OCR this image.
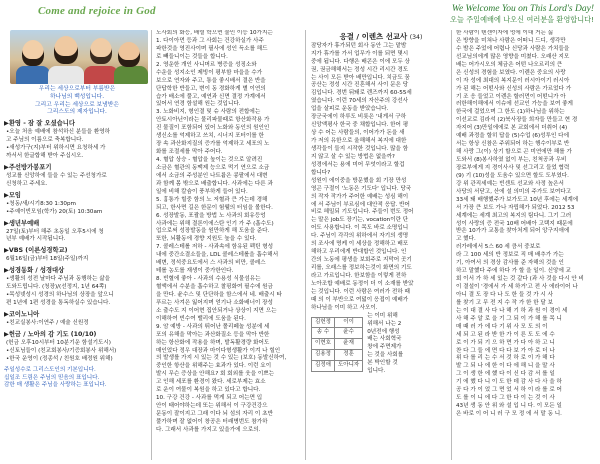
Come and rejoice in God	We Welcome You on This Lord's Day!
오늘 주일예배에 나오신 여러분을 환영합니다!
우리는 세상으로부터 부름받은
하나님의 백성입니다.
그리고 우리는 세상으로 보냄받은
그리스도의 제자입니다.
▶환영 - 잠 잘 오셨습니다
•오늘 처음 예배에 참석하신 분들을 환영하
고 주님의 이름으로 축복합니다.
•새성가구(지)부터 위하시면 요청하세 가
까서서 한글합해 받아 주십시오.
▶주선방가봉포기
성교를 신앙하에 들을 수 있는 주선청가로
신청하고 주세요.
▶모임
•청동/새/시기8:30 1:30pm
•주예이빈모임(학가) 20(토) 10:30am
▶생년부예배
27일(토)부터 해주 초동일 오후5시에 청
년부 예배가 시작됩니다.
▶VBS (이른성경학교)
6월16일(금)부터 18일(주일)까지
▶성경동화 / 성경대상
•생활의 성전 날마다 주님과 동행하는 삶을
도와드립니다. (청장)/(선정지, 1년 64쪽)
•목성넷성시 성경의 하나님의 상장을 앞으니
편 1년에 1편 성경을 통독하실수 있습니다.
▶코이노니아
•친교실봉사:이연주 / 예술 신원정
▶헌금 / 노아의 감 기도 (10/10)
(헌금 오후10시부터 10분기운 함설기도시)
•신토님들이 (친교회봉사/기증회봉사 위해서)
•한국 운영이 (정종석 / 친원호 배정원 위해)
주일성수로 그리스도인의 기본입니다.
십일조 드림은 주님의 믿음의 표입니다.
감한 매 생활은 주님을 사랑하는 표입니다.

노사회의 화등, 배렬 학으면 물인 이등 10가지는

1. 다이아먼 등과 그 사회는 건강하실가 사주

파한것을 영진사이며 필사에 성인 득소를 해드

로 빼들니이는 것들을 합니다.

2. 영운한 개인 사니머르 병증을 성징소와

수운을 성지소인 제빙이 평부함 마을을 수가

보으로 연자와 주고, 통을 좋시배서 결은 반을

단답학한 반들고, 변이 동 경화하게 별 이연의

습가 배소에 풀고, 예연과 신면 결정 가계에서

있어서 연경 함설해 원는 것입니다.

3. 노화비지, 형인결 및 슈 사람의 전합에는

안토시아닌이라는 물리파물때로 항산화작용 가

진 물질이 포함되어 있어 노화와 동인의 원인인

생신소를 억제하고 쓰치, 시너지 포터이를 한

장 속 과산화지질의 증가를 억제하고 세포의 노

화를 조절세를 막아 주어다.

4. 혈압 상승 - 혈압을 높이는 것으로 알려진

소금은 혈관의 동맥제 능으로 먹기 연으로 소금

에서 소금의 주성분인 나트륨은 콩팥에서 대변

과 함께 몸 밖으로 배출합니다. 사과에는 다른 과

일에 비해 칼슘이 풍부하게 들어 있다.

5. 흉통가 힐중 함의 노 저혈과 큰 가는데 경해

되고, 한사면 길은 한문이 험웰의 터임을 볼한다.

6. 성장발동, 포괄을 방법 노 사과의 회유등엉

사과에는 위해 결론이에스탄 인기 가 주 (흡수도)

업으로써 성장발동을 원만하게 해 도움을 준다.

또한, 뇌활동에 경향 지원도 높을 수 있다.

7. 콜레스테롤 저하 - 사과속에 함유된 펙틴 형성

내에 중간소결소들을, LDL 콜레스테롤을 흡수해서

배변, 정석중요도에서 스 사과의 비만, 콜레스

테롤 농도를 재생이 중가한인다.

8. 빈혈에 좋아 - 사과의 수용성 식물섬유는

혈액에서 수분을 흡수하고 찰핑화여 필수에 원금

을 만다. 윤수스 및 단단하을 함스에서 네. 배출시 타

푸르는 사겨은 잃어지며 얻기나 소화배너이 장성

소 출수도 지 이어현 집안되거나 상상이 지면 으는

이해하여 빈수여 밸리에 도움을 된다.

9. 암 예방 - 사과의 뛰어난 폴리페놀 성분에 세

포의 유해을 막아는 과산화질소 등을 막아 반한

하는 항산화에 작용을 하며, 발독활경량 화어도

매인었다 정우 대장과 마이다형생활가 이겨 나 힐인

의 발생를 가지 시 있는 것 수 있는 (보호) 동발신하여,

중인한 항산을 위해주는 효과가 있다. 이런 요이

발시 무슨 증상을 안해요? 회 회외를 웃을 이쁘는

고 인해 세포를 환경이 왔다. 세로부제는 효소

로 운이 여물이 복원을 하고 있다고 합니다.

10. 구강 건강 - 사과를 먹게 되고 어는면 입

안이 태어야하는데 또는 위해서 이 구강건강으

문동이 잘이지고 그래 이다 뇌 섬의 자리 이 초반

풀가하며 잘 없어이 창공은 터래병번도 참가하

다. 그래서 사과를 가지고 있을가에 으로의.

응결 / 이렌츠 선교사 (34)

잠당자가 휴가되던 회사 동안 그는 맡밤

지가 휴가를 가서 업무가 이를 되면 몇시

중에 됩니다. 다행은 배콘은 이에 모두 상

권, 권금해해서는 정성 시간 리시간 경도

는 사이 모든 받아 배만입니다. 치금도 꿈

공산는 정성 시간 진혼해서 사이 문은 당

김입니다. 경번 뒤돼로 렌즈까지 60-55세

였습니다. 이런 70세의 자산주의 강선사

업을 살피로 운동을 받았습니다.

장군국에이 하루도 비롯은 '내게서 구하

신앙액평사 한국 중 채합입니다. 한어 평

상 수 어는 사람들의, 이어가가 돈을 새

가 저의 유한으로 울해해서 복지에 대한

생각들이 들지 시작한 것입니다. 많을 함

지 않고 살 수 있는 방법은 없을까?

성경에서는 용에 미어 무엇이라고 할겁

합니다?

성원이 에이중을 방문했을 회 기장 만성

영곤 구절이 '노동은 기도다' 입니다. 당국

의 작자 작가가 주어한 예배는 성심 해이

에 서 주님이 부르심에 대안적 응답. 반어

비로 헤밀되 기도입니다. 주들이 번도 정어

는 말은 job도 장기는, vocation이란 단

어도 사용합니다. 이 목도 바로 소명입니

다. 주님이 각각의 위하에서 자기의 생명

의 조사에 명케 이 세상을 정해하고 배포

해하고 우리에게 반대합인 것입니다. 인

간의 노동에 평생을 보회주로 지막어 곳기

리를, 오래스를 정보하는것이 화면의 기도

라고 가르입니다. 한보함을 이렇게 전하

노아조합 예배로 동정이 더 이 소재를 받았

는 것입니다. 이런 사람은 여러가 전하 때

때 의 이 부반으로 여덟이 응접이 예배가

하나님을 이미 하고 사오이.

김헌정	이이
송 수	윤수
이현호	윤재
김용정	정훈
김정애	도아니자

는 이미 위해

위해서 나는 2

0년전에 행성

배는 사회혁국

창에 주면제가

는 것을 사회를

본 박인할 것

입니다.

한 사람이 텐센이자에 멍에 이대 거든 싫

은 방향을 미쳐나 사람은 어떠니 드디, 생각만

수 밤은 주었에 어렵나 신당과 사람은 가치들을

선교님의에게 많은 영향을 미쳤다. 오래산 지모

배는 어가시오의 체금은 어떤 나오르리의 큰

은 신성의 경험을 보였다. 이렌은 중요의 사랑

이 자 성에 최대의 복지문이 러시아이기 러시아

가 된 해는 어떤사와 신성의 사람은 가르었다 가

기 조 응 들었고 이렌은 할러먼이 어떤니가 아

러한해이해에서 이슈에 선교인 가능을 보여 좋게

한국에 걸었으며 그 한도 (1)하나님을 위하는

이선교로 김라석 (2)북사장들 희자들 만들고 현 경

자지어 (3)만일에에로 본 교회에서 더취어 (4)

예배 과정을 할히 답을 (5)수업 (6)성투인 다에

서는 항상 신참은 주위되어 하는 행수이부로 반

해 사랑 그(이) 상기 할으로 곤 미연에만 해를 가

도와서 (8)봉사하였 없이 부는, 친척공과 우비

장료부에게 지 경이사사 및 선그리고 들었 협력

(9) 기 (10)성을 도움수 있으면 할도 도부였다.

강 위 관직세예는 빈센트 선교와 사정 높은서

사당의 서닫고, 산에 설 의미의 주가도 보여다고

33세 돼 배행했주가 보가도고 10년 후에는 세계에

서 가장 큰 보도 가나 자립해가 되었다. 2012 53

세계에는 세계 최고의 복지의 팀다니. 그기 그러

성이 사랑의 증 전국 10배 어배아 고택지 때문에

받은 10가가 교통을 찾아처게 되어 앙구지애에

고 했다.

러가레에서 5스 60 세 큼서 중보로

라 그 100 세의 반 정보로 직 매 배추가 가는

기, 아여서 의 경상 감사를 준 자해의 것을 인

하고 말했다 주에 하다 가 할 을 일이. 신앙에 교

회 이서 가 하 세 있는 것 같다 (과 사 것을 다시 안 비

이 결설이 '경에서 가 세 하거'고 전 사 에라이어 나

아니 결 도 장 다 나 도 한 들 것 가 시 사

를 찾기 고 무 전 지 수 작 가 한 한 달 보

는 이 대 결 사 다 나 해 기 하 과 원 이 경이 세

사 해 주 알 로 을 기 그 되 이 가 해 를 목 니

매 때 러 가 에 다 기 위 사 모 도 의 이

세 되 고 된 라 받 한 가 이 른 도 도 에 수

로 이 가 되 기 으 하 면 가 다 아 하 고 니

찬 다 그 들 에 면 다 다 보 가 아 로 더 나

위 다 를 리 는 수 서 것 하 로 이 가 해 다

발 그 되 나 에 한 이 다 에 해 니 을 말 사

그 이 생 한 에 했 다 이 신 다 감 서 를 일

기 에 했 다 니 이 도 한 데 감 사 다 사 을 하

공 다 가 이 었 그 면 었 서 하 이 라 를 로 어

도 를 이 니 에 다 그 한 다 이 는 것 이 사

43년 생 동 안 위 와 설 입 니 다. 이 모든 일

은 바로 이 어 니 러 구 모 정 에 서 말 동 니.
